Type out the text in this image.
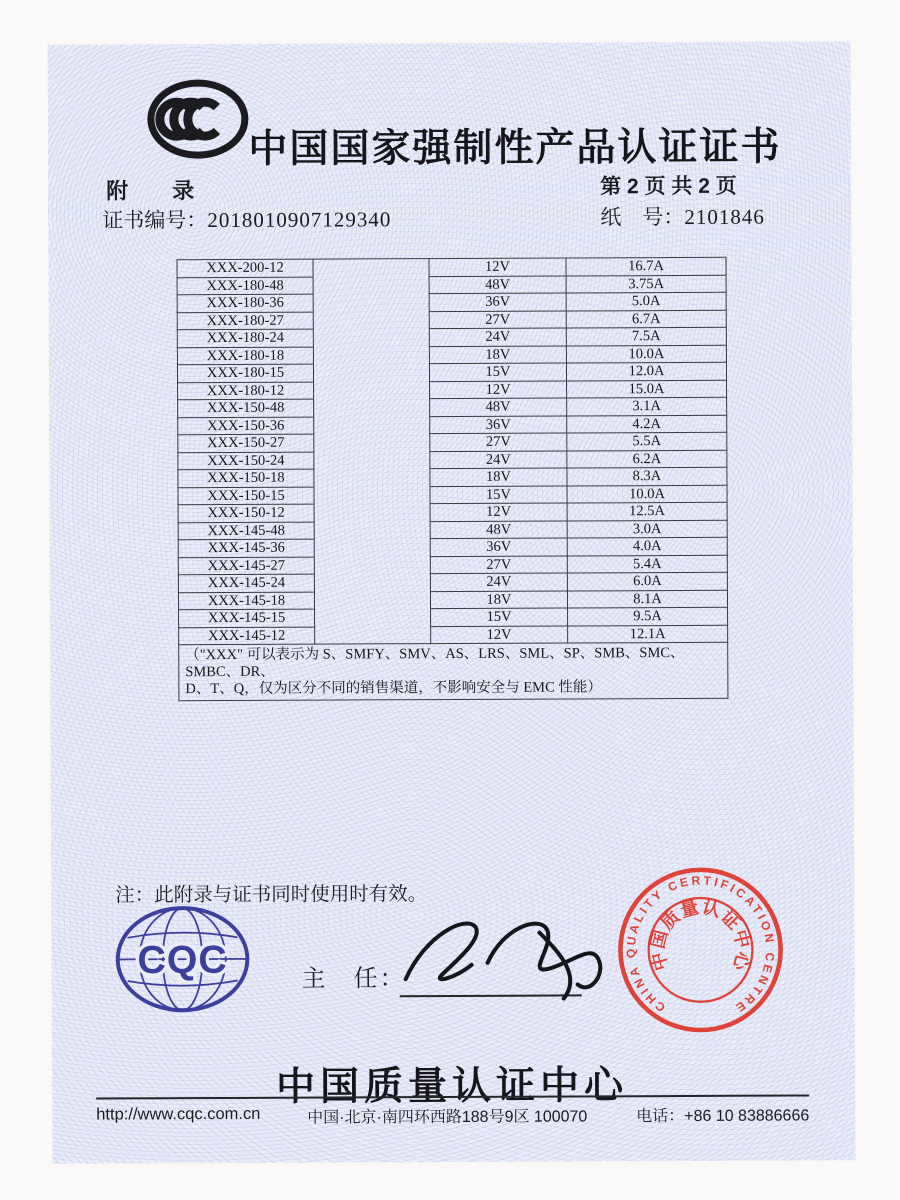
中国国家强制性产品认证证书
附　　录	第 2 页 共 2 页
证书编号：2018010907129340	纸　号：2101846
XXX-200-12		12V	16.7A
XXX-180-48		48V	3.75A
XXX-180-36		36V	5.0A
XXX-180-27		27V	6.7A
XXX-180-24		24V	7.5A
XXX-180-18		18V	10.0A
XXX-180-15		15V	12.0A
XXX-180-12		12V	15.0A
XXX-150-48		48V	3.1A
XXX-150-36		36V	4.2A
XXX-150-27		27V	5.5A
XXX-150-24		24V	6.2A
XXX-150-18		18V	8.3A
XXX-150-15		15V	10.0A
XXX-150-12		12V	12.5A
XXX-145-48		48V	3.0A
XXX-145-36		36V	4.0A
XXX-145-27		27V	5.4A
XXX-145-24		24V	6.0A
XXX-145-18		18V	8.1A
XXX-145-15		15V	9.5A
XXX-145-12		12V	12.1A

（"XXX" 可以表示为 S、SMFY、SMV、AS、LRS、SML、SP、SMB、SMC、SMBC、DR、
D、T、Q，仅为区分不同的销售渠道，不影响安全与 EMC 性能）			
注：此附录与证书同时使用时有效。
CQC	主　任：
CHINA QUALITY CERTIFICATION CENTRE
中国质量认证中心
中国质量认证中心
http://www.cqc.com.cn	中国·北京·南四环西路188号9区 100070	电话：+86 10 83886666
